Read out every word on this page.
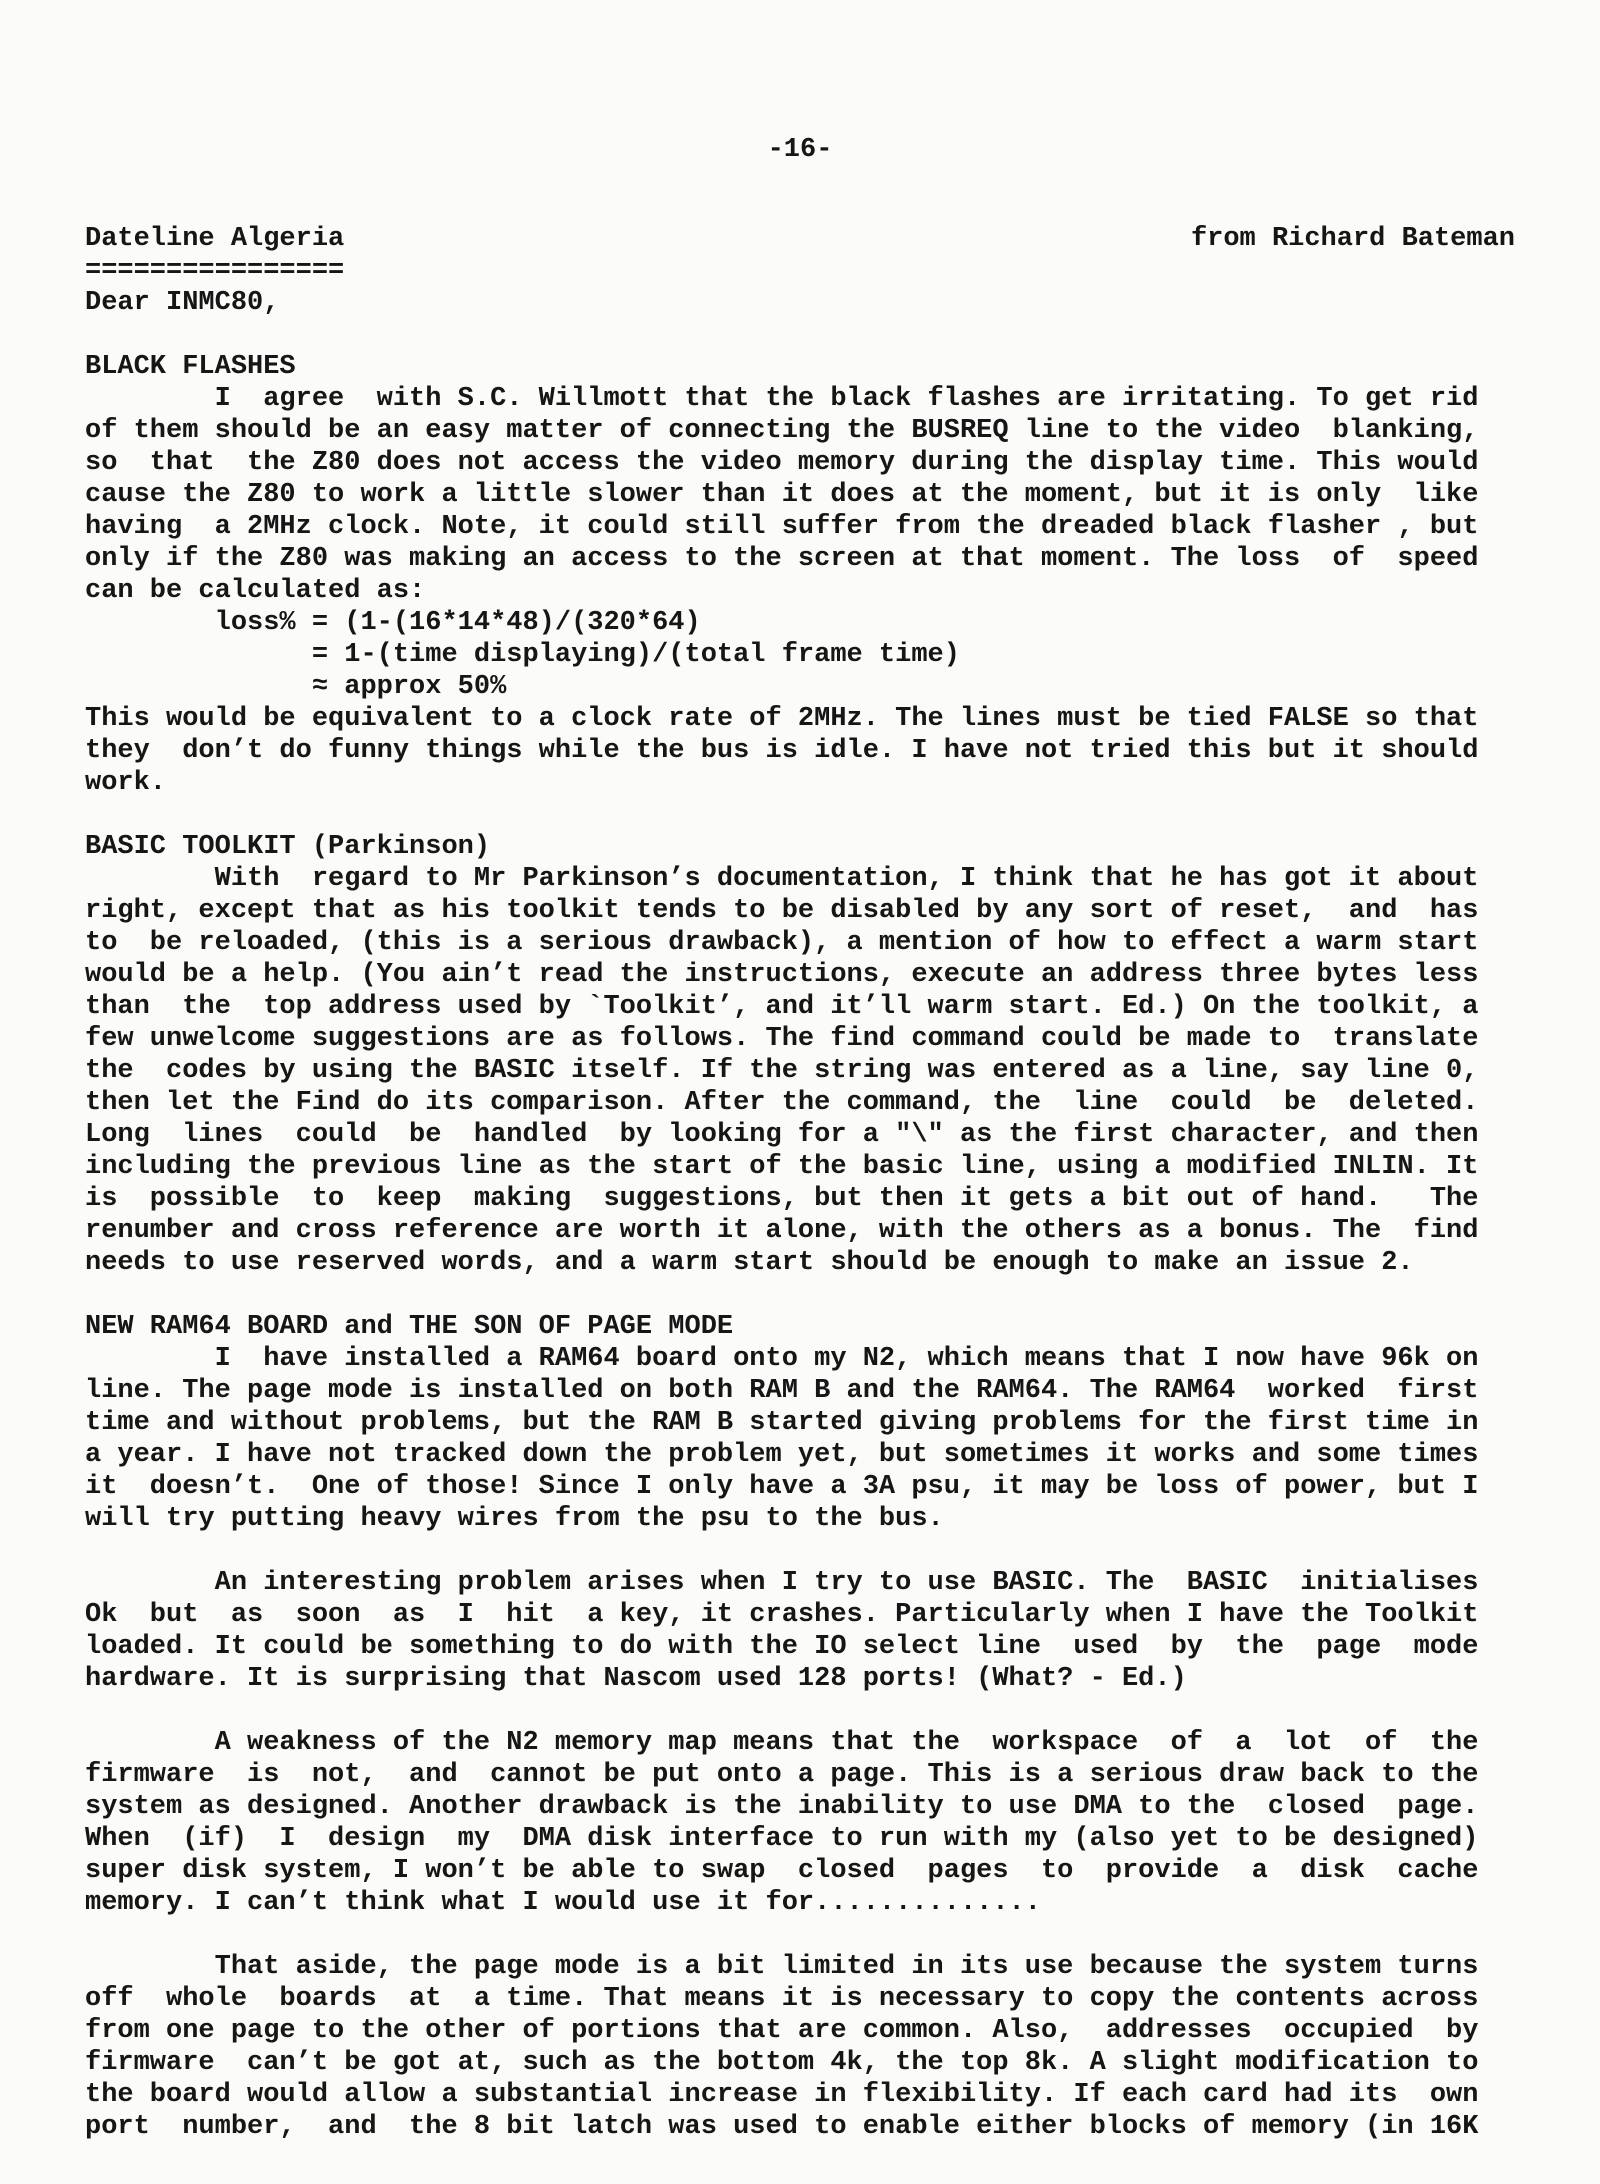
-16-
Dateline Algeria	from Richard Bateman
================
Dear INMC80,
BLACK FLASHES
I  agree  with S.C. Willmott that the black flashes are irritating. To get rid
of them should be an easy matter of connecting the BUSREQ line to the video  blanking,
so  that  the Z80 does not access the video memory during the display time. This would
cause the Z80 to work a little slower than it does at the moment, but it is only  like
having  a 2MHz clock. Note, it could still suffer from the dreaded black flasher , but
only if the Z80 was making an access to the screen at that moment. The loss  of  speed
can be calculated as:
loss% = (1-(16*14*48)/(320*64)
= 1-(time displaying)/(total frame time)
≈ approx 50%
This would be equivalent to a clock rate of 2MHz. The lines must be tied FALSE so that
they  don’t do funny things while the bus is idle. I have not tried this but it should
work.
BASIC TOOLKIT (Parkinson)
With  regard to Mr Parkinson’s documentation, I think that he has got it about
right, except that as his toolkit tends to be disabled by any sort of reset,  and  has
to  be reloaded, (this is a serious drawback), a mention of how to effect a warm start
would be a help. (You ain’t read the instructions, execute an address three bytes less
than  the  top address used by `Toolkit’, and it’ll warm start. Ed.) On the toolkit, a
few unwelcome suggestions are as follows. The find command could be made to  translate
the  codes by using the BASIC itself. If the string was entered as a line, say line 0,
then let the Find do its comparison. After the command, the  line  could  be  deleted.
Long  lines  could  be  handled  by looking for a "\" as the first character, and then
including the previous line as the start of the basic line, using a modified INLIN. It
is  possible  to  keep  making  suggestions, but then it gets a bit out of hand.   The
renumber and cross reference are worth it alone, with the others as a bonus. The  find
needs to use reserved words, and a warm start should be enough to make an issue 2.
NEW RAM64 BOARD and THE SON OF PAGE MODE
I  have installed a RAM64 board onto my N2, which means that I now have 96k on
line. The page mode is installed on both RAM B and the RAM64. The RAM64  worked  first
time and without problems, but the RAM B started giving problems for the first time in
a year. I have not tracked down the problem yet, but sometimes it works and some times
it  doesn’t.  One of those! Since I only have a 3A psu, it may be loss of power, but I
will try putting heavy wires from the psu to the bus.
An interesting problem arises when I try to use BASIC. The  BASIC  initialises
Ok  but  as  soon  as  I  hit  a key, it crashes. Particularly when I have the Toolkit
loaded. It could be something to do with the IO select line  used  by  the  page  mode
hardware. It is surprising that Nascom used 128 ports! (What? - Ed.)
A weakness of the N2 memory map means that the  workspace  of  a  lot  of  the
firmware  is  not,  and  cannot be put onto a page. This is a serious draw back to the
system as designed. Another drawback is the inability to use DMA to the  closed  page.
When  (if)  I  design  my  DMA disk interface to run with my (also yet to be designed)
super disk system, I won’t be able to swap  closed  pages  to  provide  a  disk  cache
memory. I can’t think what I would use it for..............
That aside, the page mode is a bit limited in its use because the system turns
off  whole  boards  at  a time. That means it is necessary to copy the contents across
from one page to the other of portions that are common. Also,  addresses  occupied  by
firmware  can’t be got at, such as the bottom 4k, the top 8k. A slight modification to
the board would allow a substantial increase in flexibility. If each card had its  own
port  number,  and  the 8 bit latch was used to enable either blocks of memory (in 16K
